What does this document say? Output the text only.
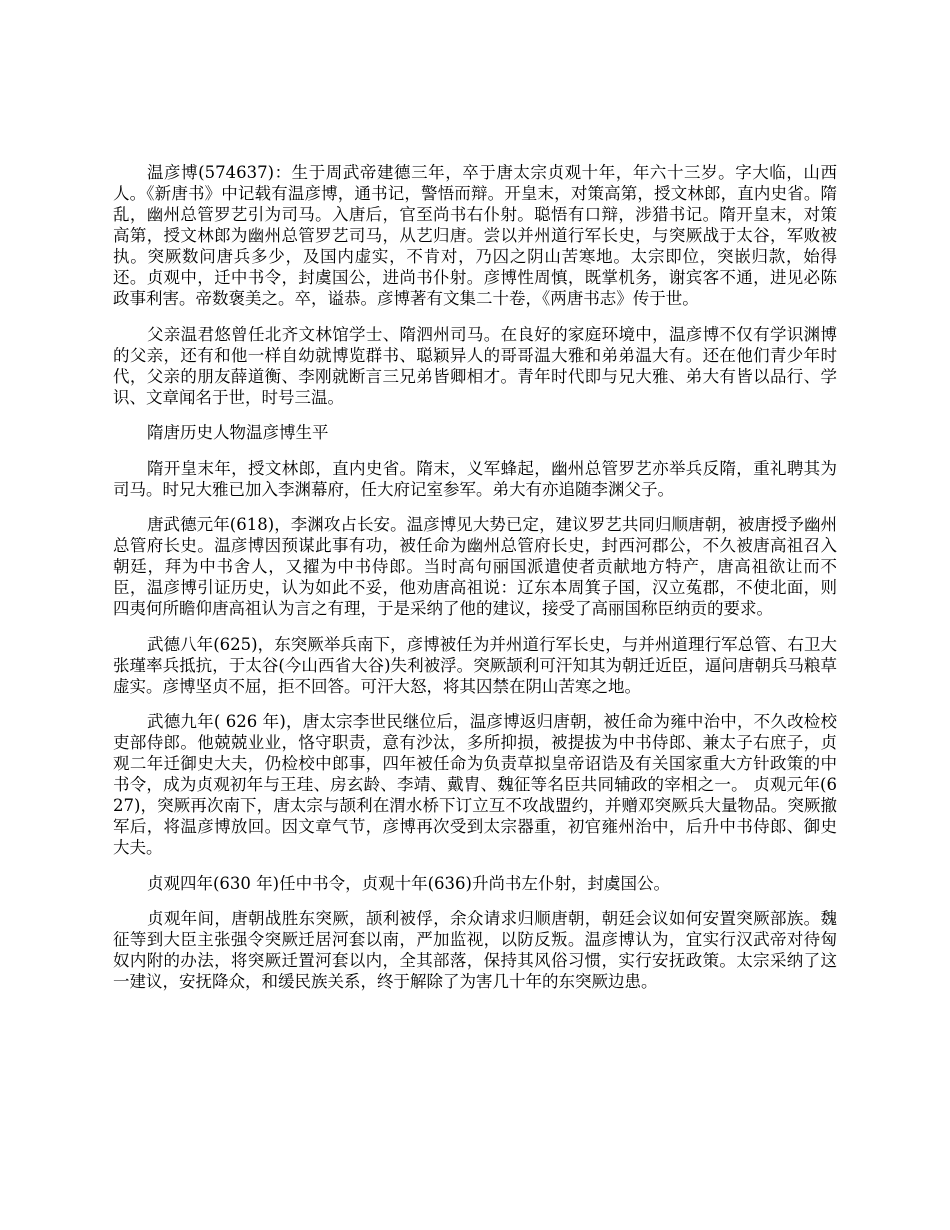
温彦博(574637)：生于周武帝建德三年，卒于唐太宗贞观十年，年六十三岁。字大临，山西人。《新唐书》中记载有温彦博，通书记，警悟而辩。开皇末，对策高第，授文林郎，直内史省。隋乱，幽州总管罗艺引为司马。入唐后，官至尚书右仆射。聪悟有口辩，涉猎书记。隋开皇末，对策高第，授文林郎为幽州总管罗艺司马，从艺归唐。尝以并州道行军长史，与突厥战于太谷，军败被执。突厥数问唐兵多少，及国内虚实，不肯对，乃囚之阴山苦寒地。太宗即位，突嵌归款，始得还。贞观中，迁中书令，封虞国公，进尚书仆射。彦博性周慎，既掌机务，谢宾客不通，进见必陈政事利害。帝数褒美之。卒，谥恭。彦博著有文集二十卷，《两唐书志》传于世。

父亲温君悠曾任北齐文林馆学士、隋泗州司马。在良好的家庭环境中，温彦博不仅有学识渊博的父亲，还有和他一样自幼就博览群书、聪颖异人的哥哥温大雅和弟弟温大有。还在他们青少年时代，父亲的朋友薛道衡、李刚就断言三兄弟皆卿相才。青年时代即与兄大雅、弟大有皆以品行、学识、文章闻名于世，时号三温。

隋唐历史人物温彦博生平

隋开皇末年，授文林郎，直内史省。隋末，义军蜂起，幽州总管罗艺亦举兵反隋，重礼聘其为司马。时兄大雅已加入李渊幕府，任大府记室参军。弟大有亦追随李渊父子。

唐武德元年(618)，李渊攻占长安。温彦博见大势已定，建议罗艺共同归顺唐朝，被唐授予幽州总管府长史。温彦博因预谋此事有功，被任命为幽州总管府长史，封西河郡公，不久被唐高祖召入朝廷，拜为中书舍人，又擢为中书侍郎。当时高句丽国派遣使者贡献地方特产，唐高祖欲让而不臣，温彦博引证历史，认为如此不妥，他劝唐高祖说：辽东本周箕子国，汉立菟郡，不使北面，则四夷何所瞻仰唐高祖认为言之有理，于是采纳了他的建议，接受了高丽国称臣纳贡的要求。

武德八年(625)，东突厥举兵南下，彦博被任为并州道行军长史，与并州道理行军总管、右卫大张瑾率兵抵抗，于太谷(今山西省大谷)失利被浮。突厥颉利可汗知其为朝迁近臣，逼问唐朝兵马粮草虚实。彦博坚贞不屈，拒不回答。可汗大怒，将其囚禁在阴山苦寒之地。

武德九年( 626 年)，唐太宗李世民继位后，温彦博返归唐朝，被任命为雍中治中，不久改检校吏部侍郎。他兢兢业业，恪守职责，意有沙汰，多所抑损，被提拔为中书侍郎、兼太子右庶子，贞观二年迁御史大夫，仍检校中郎事，四年被任命为负责草拟皇帝诏诰及有关国家重大方针政策的中书令，成为贞观初年与王珪、房玄龄、李靖、戴胄、魏征等名臣共同辅政的宰相之一。 贞观元年(627)，突厥再次南下，唐太宗与颉利在渭水桥下订立互不攻战盟约，并赠邓突厥兵大量物品。突厥撤军后，将温彦博放回。因文章气节，彦博再次受到太宗器重，初官雍州治中，后升中书侍郎、御史大夫。

贞观四年(630 年)任中书令，贞观十年(636)升尚书左仆射，封虞国公。

贞观年间，唐朝战胜东突厥，颉利被俘，余众请求归顺唐朝，朝廷会议如何安置突厥部族。魏征等到大臣主张强令突厥迁居河套以南，严加监视，以防反叛。温彦博认为，宜实行汉武帝对待匈奴内附的办法，将突厥迁置河套以内，全其部落，保持其风俗习惯，实行安抚政策。太宗采纳了这一建议，安抚降众，和缓民族关系，终于解除了为害几十年的东突厥边患。
